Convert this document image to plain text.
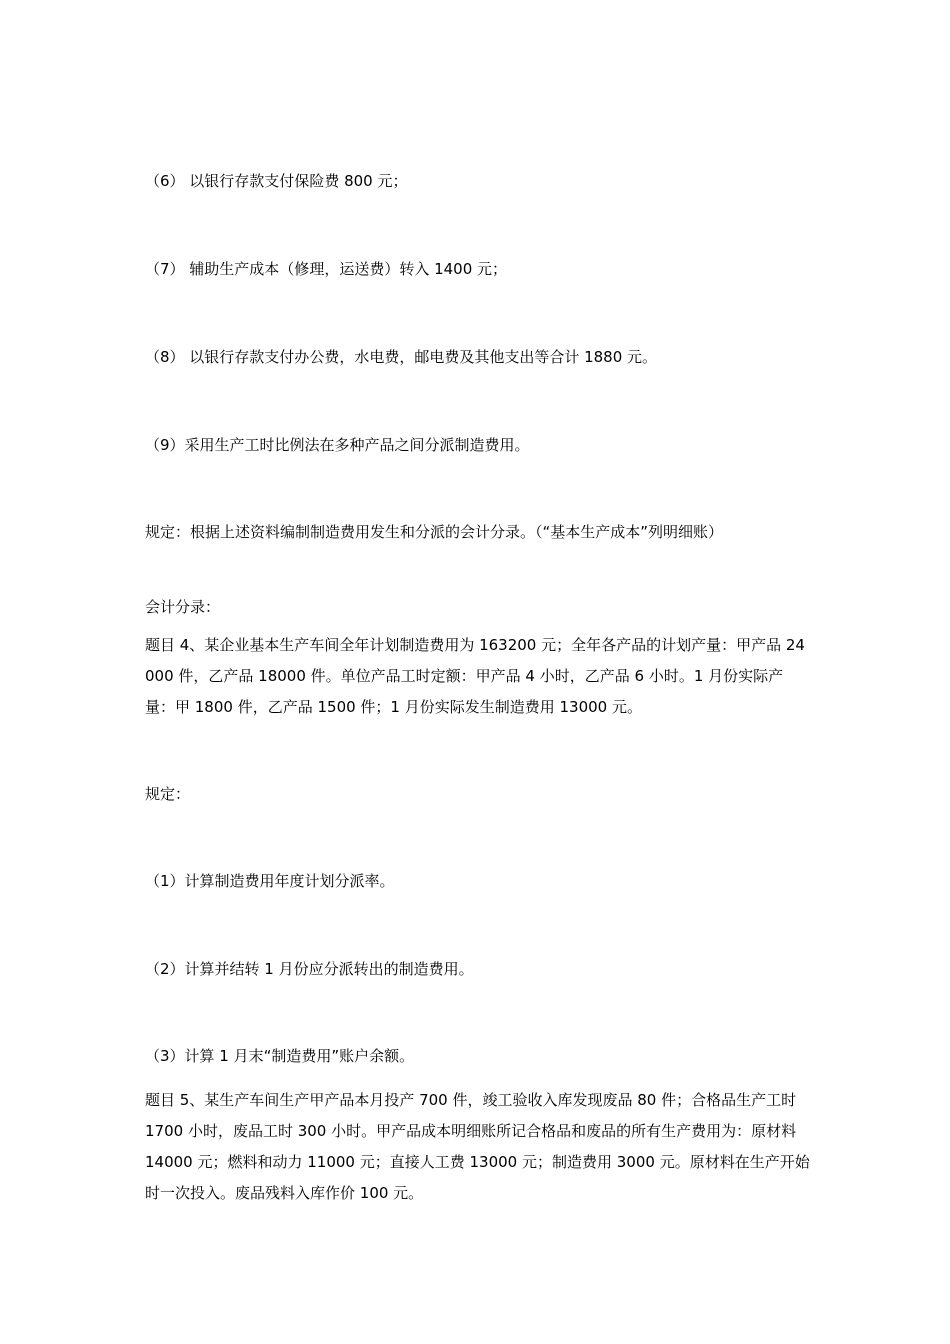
（6） 以银行存款支付保险费 800 元；

（7） 辅助生产成本（修理，运送费）转入 1400 元；

（8） 以银行存款支付办公费，水电费，邮电费及其他支出等合计 1880 元。

（9）采用生产工时比例法在多种产品之间分派制造费用。

规定：根据上述资料编制制造费用发生和分派的会计分录。（“基本生产成本”列明细账）

会计分录：

题目 4、某企业基本生产车间全年计划制造费用为 163200 元；全年各产品的计划产量：甲产品 24000 件，乙产品 18000 件。单位产品工时定额：甲产品 4 小时，乙产品 6 小时。1 月份实际产量：甲 1800 件，乙产品 1500 件；1 月份实际发生制造费用 13000 元。

规定：

（1）计算制造费用年度计划分派率。

（2）计算并结转 1 月份应分派转出的制造费用。

（3）计算 1 月末“制造费用”账户余额。

题目 5、某生产车间生产甲产品本月投产 700 件，竣工验收入库发现废品 80 件；合格品生产工时 1700 小时，废品工时 300 小时。甲产品成本明细账所记合格品和废品的所有生产费用为：原材料 14000 元；燃料和动力 11000 元；直接人工费 13000 元；制造费用 3000 元。原材料在生产开始时一次投入。废品残料入库作价 100 元。
